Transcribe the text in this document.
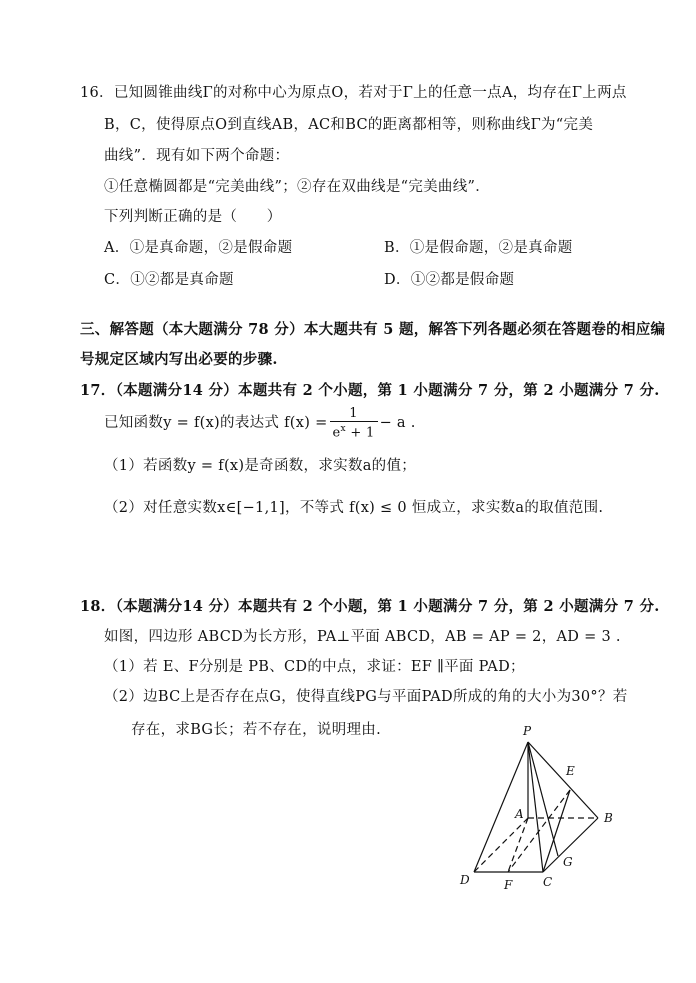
16．已知圆锥曲线Γ的对称中心为原点O，若对于Γ上的任意一点A，均存在Γ上两点
B，C，使得原点O到直线AB，AC和BC的距离都相等，则称曲线Γ为“完美
曲线”．现有如下两个命题：
①任意椭圆都是“完美曲线”；②存在双曲线是“完美曲线”．
下列判断正确的是（　　）
A．①是真命题，②是假命题	B．①是假命题，②是真命题
C．①②都是真命题	D．①②都是假命题
三、解答题（本大题满分 78 分）本大题共有 5 题，解答下列各题必须在答题卷的相应编
号规定区域内写出必要的步骤.
17．（本题满分14 分）本题共有 2 个小题，第 1 小题满分 7 分，第 2 小题满分 7 分.
已知函数y = f(x)的表达式 $f(x) = \frac{1}{e^x + 1} - a$ .
（1）若函数y = f(x)是奇函数，求实数a的值；
（2）对任意实数x∈[−1,1]，不等式 f(x) ≤ 0 恒成立，求实数a的取值范围.
18．（本题满分14 分）本题共有 2 个小题，第 1 小题满分 7 分，第 2 小题满分 7 分.
如图，四边形 ABCD为长方形，PA⊥平面 ABCD，AB = AP = 2，AD = 3 .
（1）若 E、F分别是 PB、CD的中点，求证：EF ∥平面 PAD；
（2）边BC上是否存在点G，使得直线PG与平面PAD所成的角的大小为30°？若
存在，求BG长；若不存在，说明理由.	P
E
A	B
G
D	F	C
